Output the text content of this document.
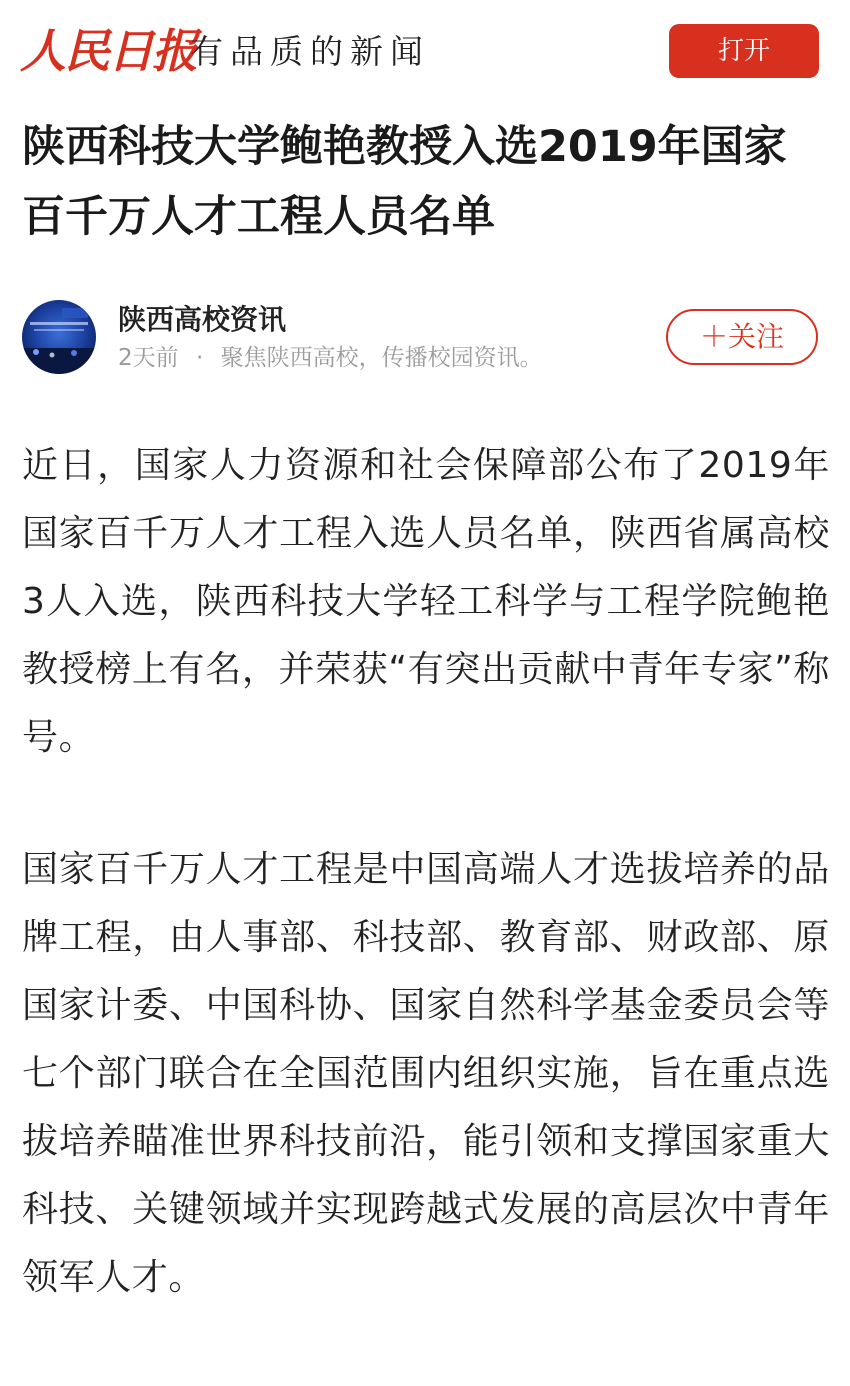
人民日报
有品质的新闻	打开
陕西科技大学鲍艳教授入选2019年国家百千万人才工程人员名单
陕西高校资讯
2天前 · 聚焦陕西高校，传播校园资讯。
＋关注

近日，国家人力资源和社会保障部公布了2019年国家百千万人才工程入选人员名单，陕西省属高校3人入选，陕西科技大学轻工科学与工程学院鲍艳教授榜上有名，并荣获“有突出贡献中青年专家”称号。

国家百千万人才工程是中国高端人才选拔培养的品牌工程，由人事部、科技部、教育部、财政部、原国家计委、中国科协、国家自然科学基金委员会等七个部门联合在全国范围内组织实施，旨在重点选拔培养瞄准世界科技前沿，能引领和支撑国家重大科技、关键领域并实现跨越式发展的高层次中青年领军人才。
